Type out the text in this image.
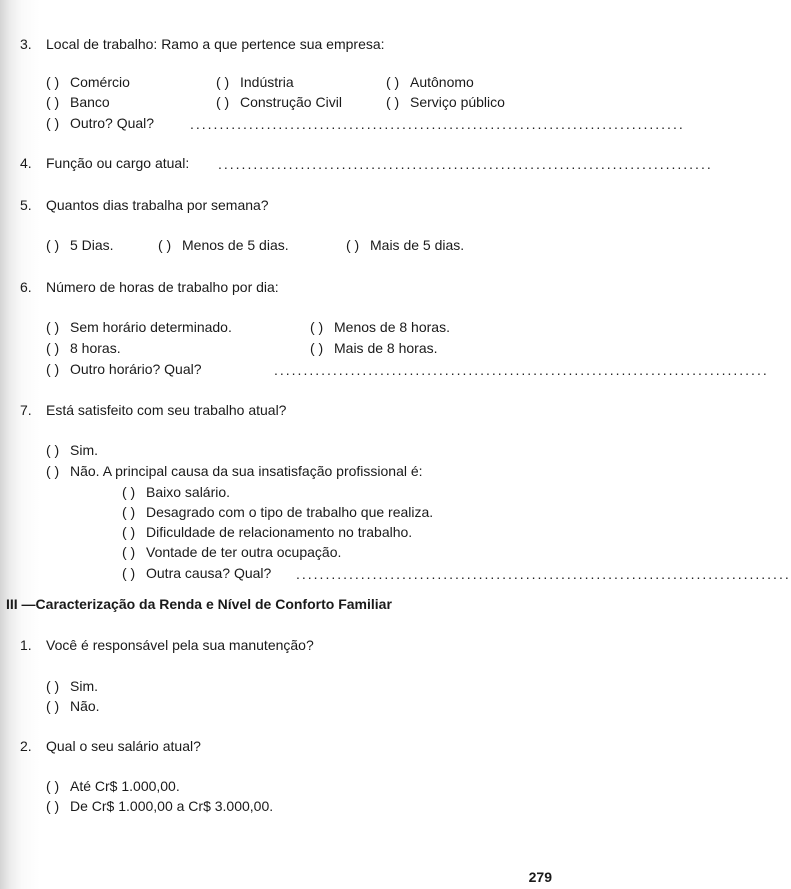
3. Local de trabalho: Ramo a que pertence sua empresa:
( ) Comércio	( ) Indústria	( ) Autônomo
( ) Banco	( ) Construção Civil	( ) Serviço público
( ) Outro? Qual?	....................................................................................
4. Função ou cargo atual: ....................................................................................
5. Quantos dias trabalha por semana?
( ) 5 Dias.	( ) Menos de 5 dias.	( ) Mais de 5 dias.
6. Número de horas de trabalho por dia:
( ) Sem horário determinado.	( ) Menos de 8 horas.
( ) 8 horas.	( ) Mais de 8 horas.
( ) Outro horário? Qual?	....................................................................................
7. Está satisfeito com seu trabalho atual?
( ) Sim.
( ) Não. A principal causa da sua insatisfação profissional é:
( ) Baixo salário.
( ) Desagrado com o tipo de trabalho que realiza.
( ) Dificuldade de relacionamento no trabalho.
( ) Vontade de ter outra ocupação.
( ) Outra causa? Qual? ....................................................................................
III —Caracterização da Renda e Nível de Conforto Familiar
1. Você é responsável pela sua manutenção?
( ) Sim.
( ) Não.
2. Qual o seu salário atual?
( ) Até Cr$ 1.000,00.
( ) De Cr$ 1.000,00 a Cr$ 3.000,00.
279
